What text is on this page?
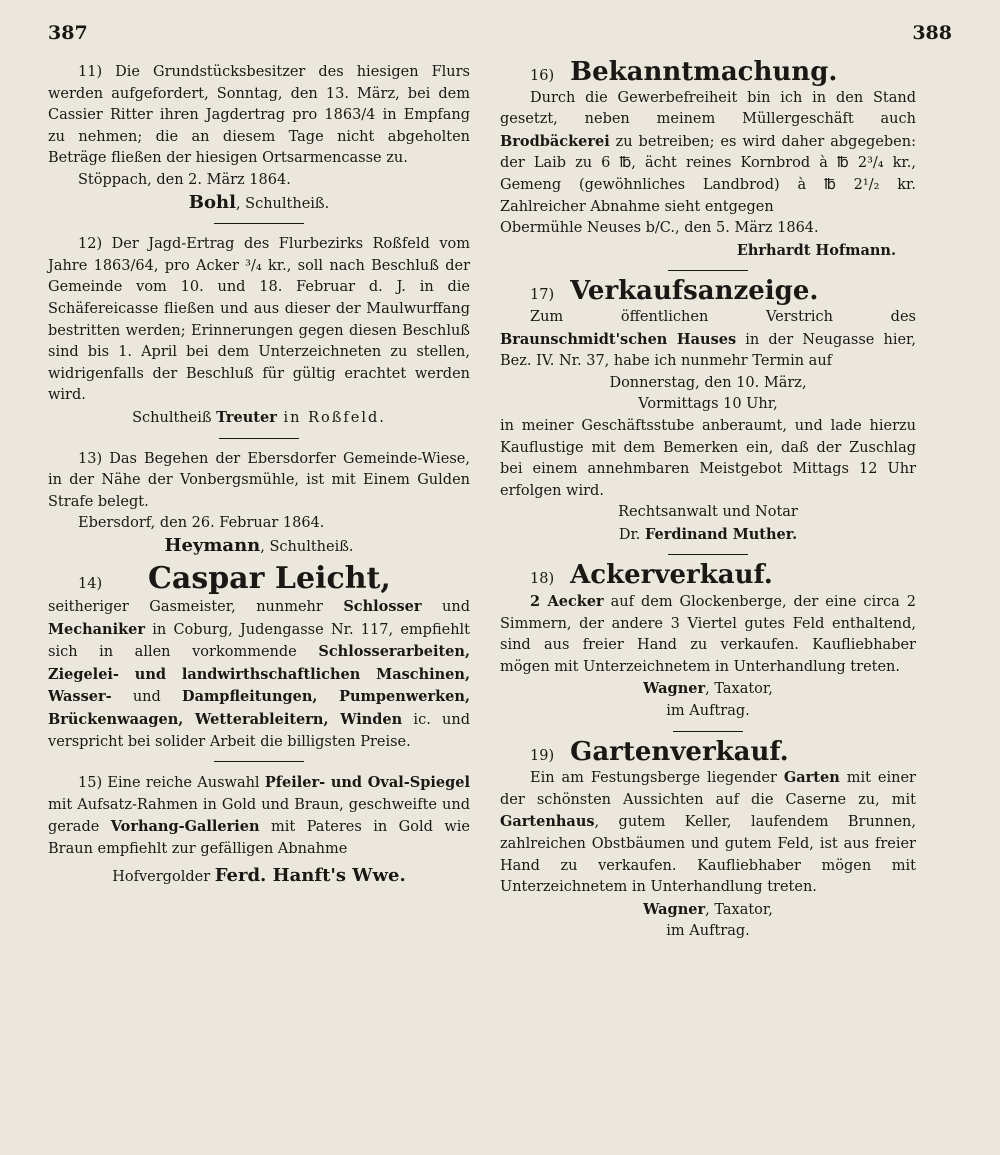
387	388

11) Die Grundstücksbesitzer des hiesigen Flurs werden aufgefordert, Sonntag, den 13. März, bei dem Cassier Ritter ihren Jagdertrag pro 1863/4 in Empfang zu nehmen; die an diesem Tage nicht abgeholten Beträge fließen der hiesigen Ortsarmencasse zu.

Stöppach, den 2. März 1864.

Bohl, Schultheiß.

12) Der Jagd-Ertrag des Flurbezirks Roßfeld vom Jahre 1863/64, pro Acker ³/₄ kr., soll nach Beschluß der Gemeinde vom 10. und 18. Februar d. J. in die Schäfereicasse fließen und aus dieser der Maulwurffang bestritten werden; Erinnerungen gegen diesen Beschluß sind bis 1. April bei dem Unterzeichneten zu stellen, widrigenfalls der Beschluß für gültig erachtet werden wird.

Schultheiß Treuter in Roßfeld.

13) Das Begehen der Ebersdorfer Gemeinde-Wiese, in der Nähe der Vonbergsmühle, ist mit Einem Gulden Strafe belegt.

Ebersdorf, den 26. Februar 1864.

Heymann, Schultheiß.

14)	Caspar Leicht,

seitheriger Gasmeister, nunmehr Schlosser und Mechaniker in Coburg, Judengasse Nr. 117, empfiehlt sich in allen vorkommende Schlosserarbeiten, Ziegelei- und landwirthschaftlichen Maschinen, Wasser- und Dampfleitungen, Pumpenwerken, Brückenwaagen, Wetterableitern, Winden ic. und verspricht bei solider Arbeit die billigsten Preise.

15) Eine reiche Auswahl Pfeiler- und Oval-Spiegel mit Aufsatz-Rahmen in Gold und Braun, geschweifte und gerade Vorhang-Gallerien mit Pateres in Gold wie Braun empfiehlt zur gefälligen Abnahme

Hofvergolder Ferd. Hanft's Wwe.

16) Bekanntmachung.

Durch die Gewerbefreiheit bin ich in den Stand gesetzt, neben meinem Müllergeschäft auch Brodbäckerei zu betreiben; es wird daher abgegeben: der Laib zu 6 ℔, ächt reines Kornbrod à ℔ 2³/₄ kr., Gemeng (gewöhnliches Landbrod) à ℔ 2¹/₂ kr. Zahlreicher Abnahme sieht entgegen

Obermühle Neuses b/C., den 5. März 1864.

Ehrhardt Hofmann.

17) Verkaufsanzeige.

Zum öffentlichen Verstrich des Braunschmidt'schen Hauses in der Neugasse hier, Bez. IV. Nr. 37, habe ich nunmehr Termin auf

Donnerstag, den 10. März,

Vormittags 10 Uhr,

in meiner Geschäftsstube anberaumt, und lade hierzu Kauflustige mit dem Bemerken ein, daß der Zuschlag bei einem annehmbaren Meistgebot Mittags 12 Uhr erfolgen wird.

Rechtsanwalt und Notar

Dr. Ferdinand Muther.

18) Ackerverkauf.

2 Aecker auf dem Glockenberge, der eine circa 2 Simmern, der andere 3 Viertel gutes Feld enthaltend, sind aus freier Hand zu verkaufen. Kaufliebhaber mögen mit Unterzeichnetem in Unterhandlung treten.

Wagner, Taxator,

im Auftrag.

19) Gartenverkauf.

Ein am Festungsberge liegender Garten mit einer der schönsten Aussichten auf die Caserne zu, mit Gartenhaus, gutem Keller, laufendem Brunnen, zahlreichen Obstbäumen und gutem Feld, ist aus freier Hand zu verkaufen. Kaufliebhaber mögen mit Unterzeichnetem in Unterhandlung treten.

Wagner, Taxator,

im Auftrag.
